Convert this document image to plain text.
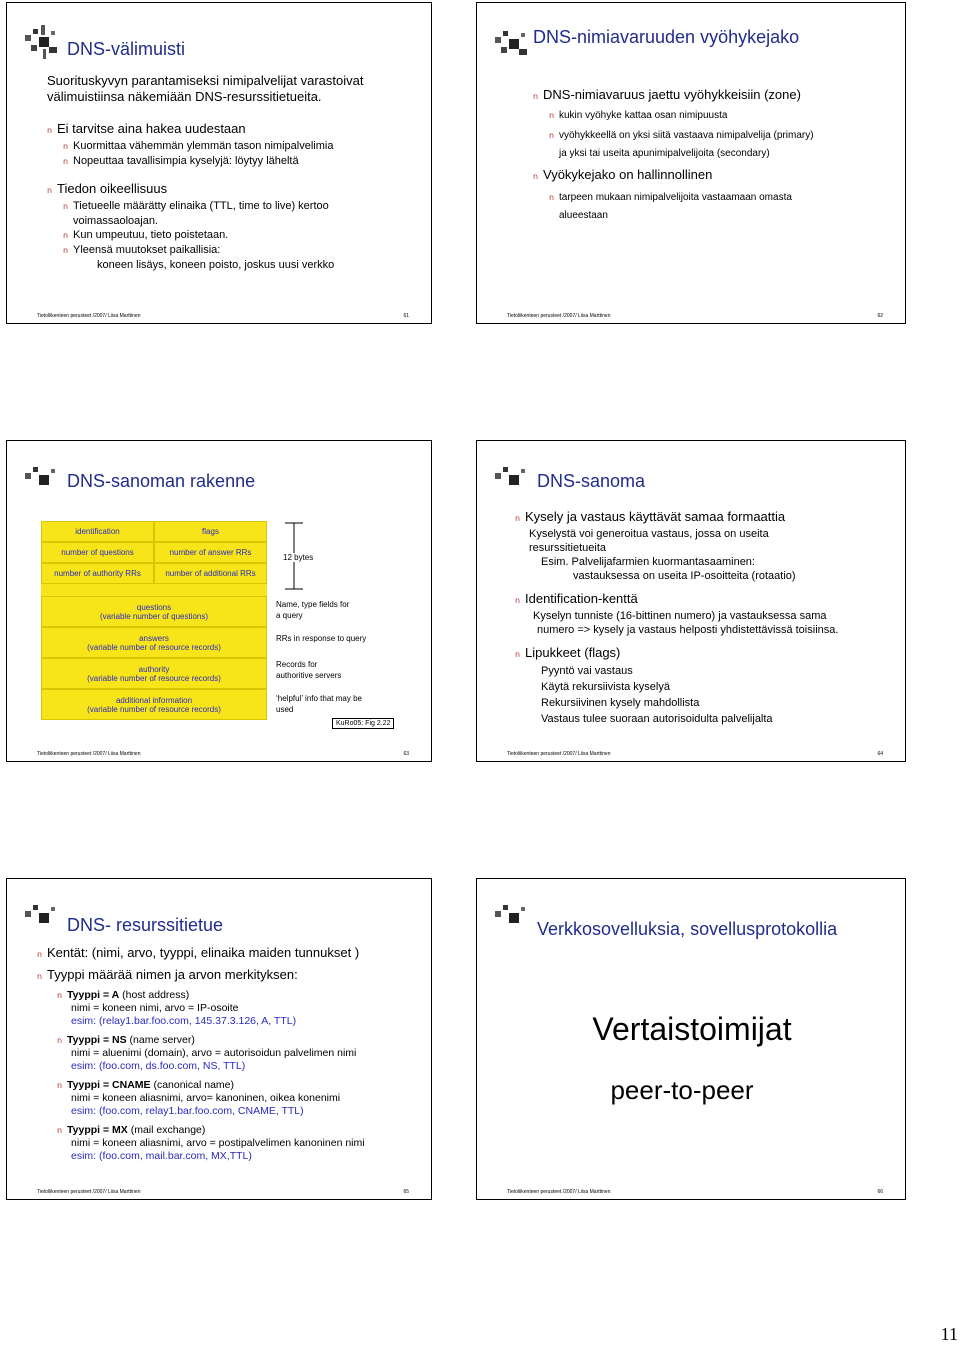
DNS-välimuisti

Suorituskyvyn parantamiseksi nimipalvelijat varastoivat

välimuistiinsa näkemiään DNS-resurssitietueita.

n Ei tarvitse aina hakea uudestaan

n Kuormittaa vähemmän ylemmän tason nimipalvelimia

n Nopeuttaa tavallisimpia kyselyjä: löytyy läheltä

n Tiedon oikeellisuus

n Tietueelle määrätty elinaika (TTL, time to live) kertoo

voimassaoloajan.

n Kun umpeutuu, tieto poistetaan.

n Yleensä muutokset paikallisia:

koneen lisäys, koneen poisto, joskus uusi verkko

Tietoliikenteen perusteet /2007/ Liisa Marttinen	61
DNS-nimiavaruuden vyöhykejako

n DNS-nimiavaruus jaettu vyöhykkeisiin (zone)

n kukin vyöhyke kattaa osan nimipuusta

n vyöhykkeellä on yksi siitä vastaava nimipalvelija (primary)

ja yksi tai useita apunimipalvelijoita (secondary)

n Vyökykejako on hallinnollinen

n tarpeen mukaan nimipalvelijoita vastaamaan omasta

alueestaan

Tietoliikenteen perusteet /2007/ Liisa Marttinen	62
DNS-sanoman rakenne
identification	flags
number of questions	number of answer RRs
number of authority RRs	number of additional RRs
questions
(variable number of questions)
answers
(variable number of resource records)
authority
(variable number of resource records)
additional information
(variable number of resource records)
12 bytes
Name, type fields for
a query
RRs in response to query
Records for
authoritive servers
‘helpful’ info that may be
used
KuRo05: Fig 2.22
Tietoliikenteen perusteet /2007/ Liisa Marttinen	63
DNS-sanoma

n Kysely ja vastaus käyttävät samaa formaattia

Kyselystä voi generoitua vastaus, jossa on useita

resurssitietueita

Esim. Palvelijafarmien kuormantasaaminen:

vastauksessa on useita IP-osoitteita (rotaatio)

n Identification-kenttä

Kyselyn tunniste (16-bittinen numero) ja vastauksessa sama

numero => kysely ja vastaus helposti yhdistettävissä toisiinsa.

n Lipukkeet (flags)

Pyyntö vai vastaus

Käytä rekursiivista kyselyä

Rekursiivinen kysely mahdollista

Vastaus tulee suoraan autorisoidulta palvelijalta

Tietoliikenteen perusteet /2007/ Liisa Marttinen	64
DNS- resurssitietue

n Kentät: (nimi, arvo, tyyppi, elinaika maiden tunnukset )

n Tyyppi määrää nimen ja arvon merkityksen:

n Tyyppi = A (host address)
nimi = koneen nimi, arvo = IP-osoite
esim: (relay1.bar.foo.com, 145.37.3.126, A, TTL)
n Tyyppi = NS (name server)
nimi = aluenimi (domain), arvo = autorisoidun palvelimen nimi
esim: (foo.com, ds.foo.com, NS, TTL)
n Tyyppi = CNAME (canonical name)
nimi = koneen aliasnimi, arvo= kanoninen, oikea konenimi
esim: (foo.com, relay1.bar.foo.com, CNAME, TTL)
n Tyyppi = MX (mail exchange)
nimi = koneen aliasnimi, arvo = postipalvelimen kanoninen nimi
esim: (foo.com, mail.bar.com, MX,TTL)
Tietoliikenteen perusteet /2007/ Liisa Marttinen	65
Verkkosovelluksia, sovellusprotokollia
Vertaistoimijat
peer-to-peer
Tietoliikenteen perusteet /2007/ Liisa Marttinen	66
11
